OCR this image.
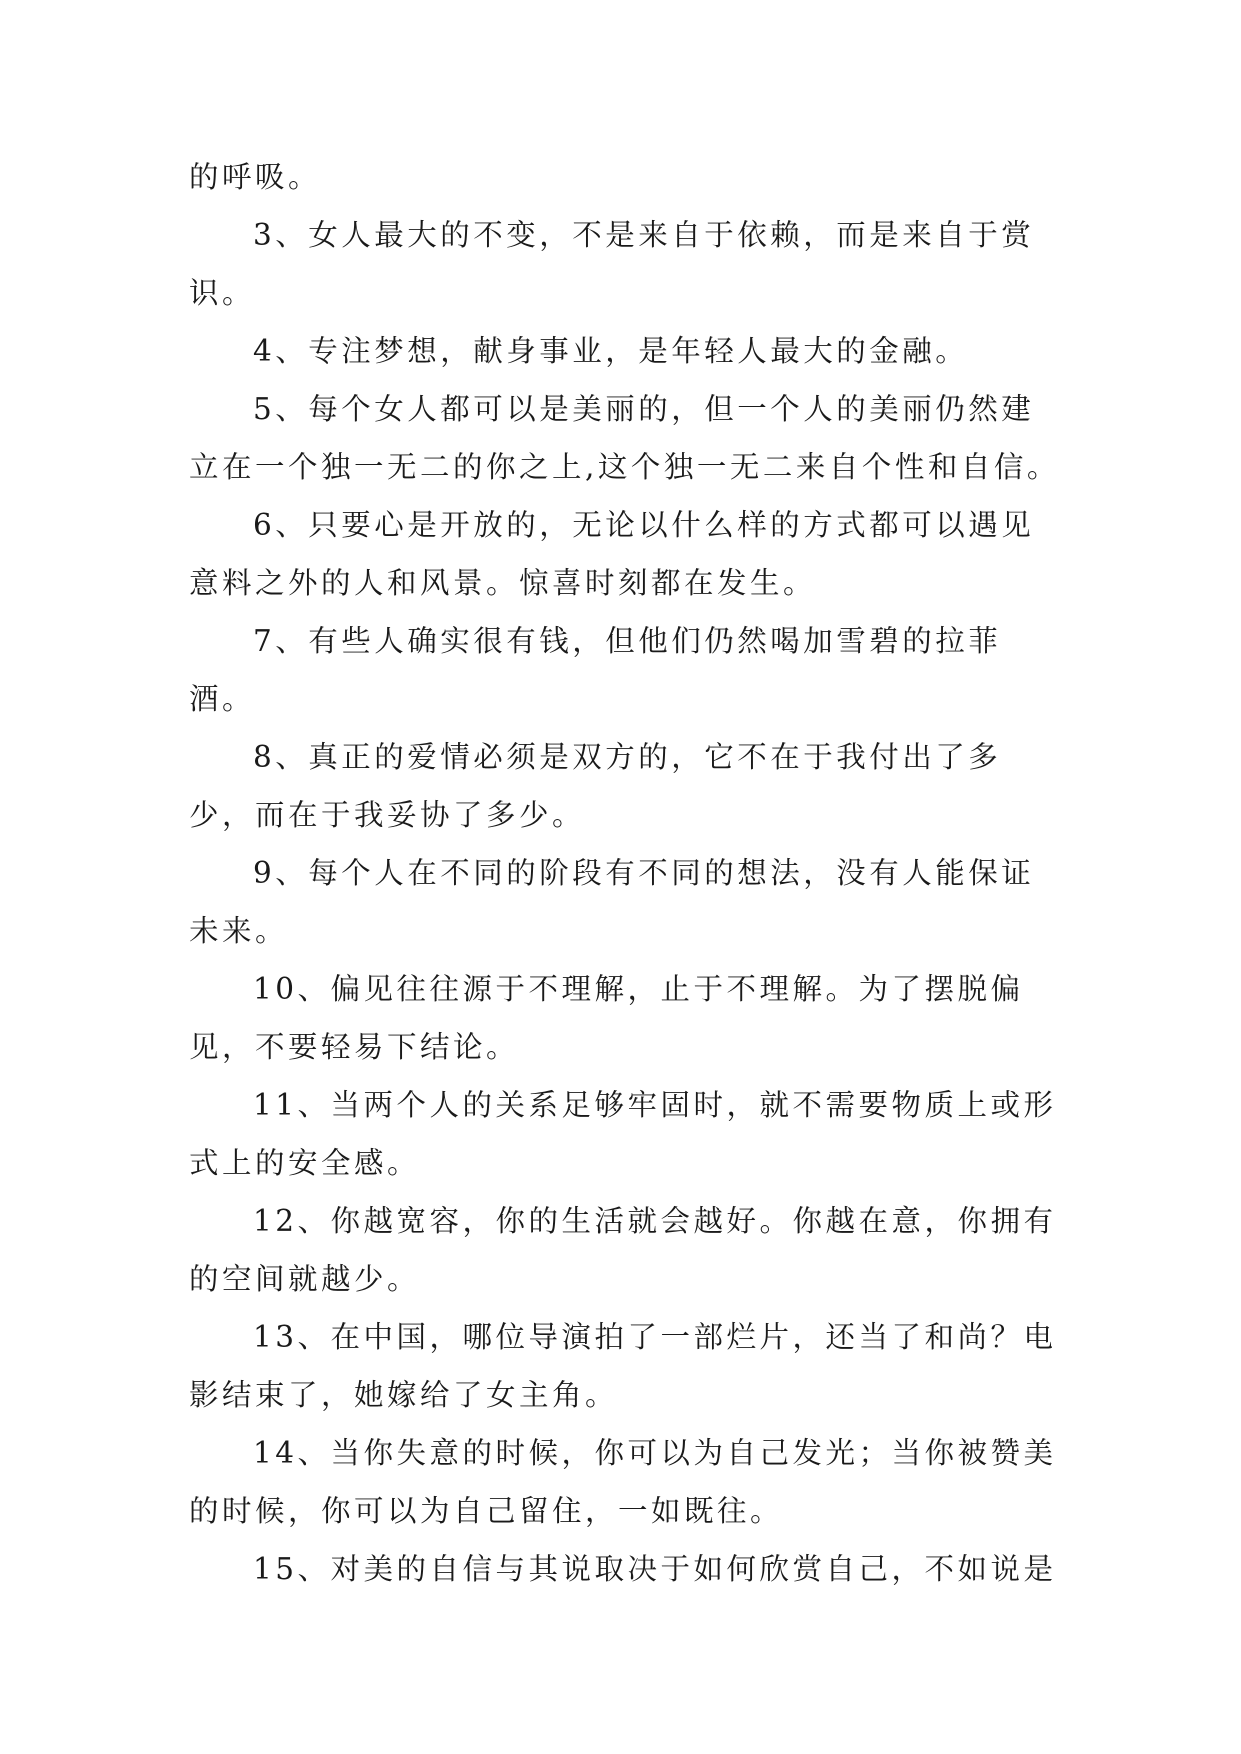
的呼吸。

3、女人最大的不变，不是来自于依赖，而是来自于赏识。

4、专注梦想，献身事业，是年轻人最大的金融。

5、每个女人都可以是美丽的，但一个人的美丽仍然建立在一个独一无二的你之上,这个独一无二来自个性和自信。

6、只要心是开放的，无论以什么样的方式都可以遇见意料之外的人和风景。惊喜时刻都在发生。

7、有些人确实很有钱，但他们仍然喝加雪碧的拉菲酒。

8、真正的爱情必须是双方的，它不在于我付出了多少，而在于我妥协了多少。

9、每个人在不同的阶段有不同的想法，没有人能保证未来。

10、偏见往往源于不理解，止于不理解。为了摆脱偏见，不要轻易下结论。

11、当两个人的关系足够牢固时，就不需要物质上或形式上的安全感。

12、你越宽容，你的生活就会越好。你越在意，你拥有的空间就越少。

13、在中国，哪位导演拍了一部烂片，还当了和尚？电影结束了，她嫁给了女主角。

14、当你失意的时候，你可以为自己发光；当你被赞美的时候，你可以为自己留住，一如既往。

15、对美的自信与其说取决于如何欣赏自己，不如说是
